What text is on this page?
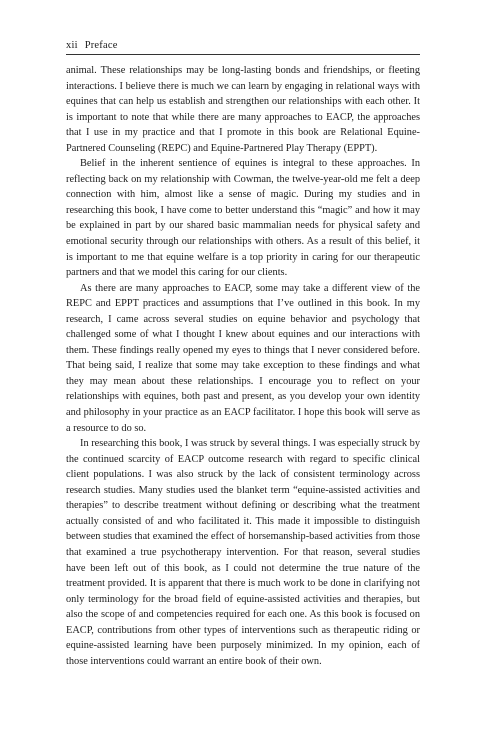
xii Preface

animal. These relationships may be long-lasting bonds and friendships, or fleeting interactions. I believe there is much we can learn by engaging in relational ways with equines that can help us establish and strengthen our relationships with each other. It is important to note that while there are many approaches to EACP, the approaches that I use in my practice and that I promote in this book are Relational Equine-Partnered Counseling (REPC) and Equine-Partnered Play Therapy (EPPT).

Belief in the inherent sentience of equines is integral to these approaches. In reflecting back on my relationship with Cowman, the twelve-year-old me felt a deep connection with him, almost like a sense of magic. During my studies and in researching this book, I have come to better understand this “magic” and how it may be explained in part by our shared basic mammalian needs for physical safety and emotional security through our relationships with others. As a result of this belief, it is important to me that equine welfare is a top priority in caring for our therapeutic partners and that we model this caring for our clients.

As there are many approaches to EACP, some may take a different view of the REPC and EPPT practices and assumptions that I’ve outlined in this book. In my research, I came across several studies on equine behavior and psychology that challenged some of what I thought I knew about equines and our interactions with them. These findings really opened my eyes to things that I never considered before. That being said, I realize that some may take exception to these findings and what they may mean about these relationships. I encourage you to reflect on your relationships with equines, both past and present, as you develop your own identity and philosophy in your practice as an EACP facilitator. I hope this book will serve as a resource to do so.

In researching this book, I was struck by several things. I was especially struck by the continued scarcity of EACP outcome research with regard to specific clinical client populations. I was also struck by the lack of consistent terminology across research studies. Many studies used the blanket term “equine-assisted activities and therapies” to describe treatment without defining or describing what the treatment actually consisted of and who facilitated it. This made it impossible to distinguish between studies that examined the effect of horsemanship-based activities from those that examined a true psychotherapy intervention. For that reason, several studies have been left out of this book, as I could not determine the true nature of the treatment provided. It is apparent that there is much work to be done in clarifying not only terminology for the broad field of equine-assisted activities and therapies, but also the scope of and competencies required for each one. As this book is focused on EACP, contributions from other types of interventions such as therapeutic riding or equine-assisted learning have been purposely minimized. In my opinion, each of those interventions could warrant an entire book of their own.
